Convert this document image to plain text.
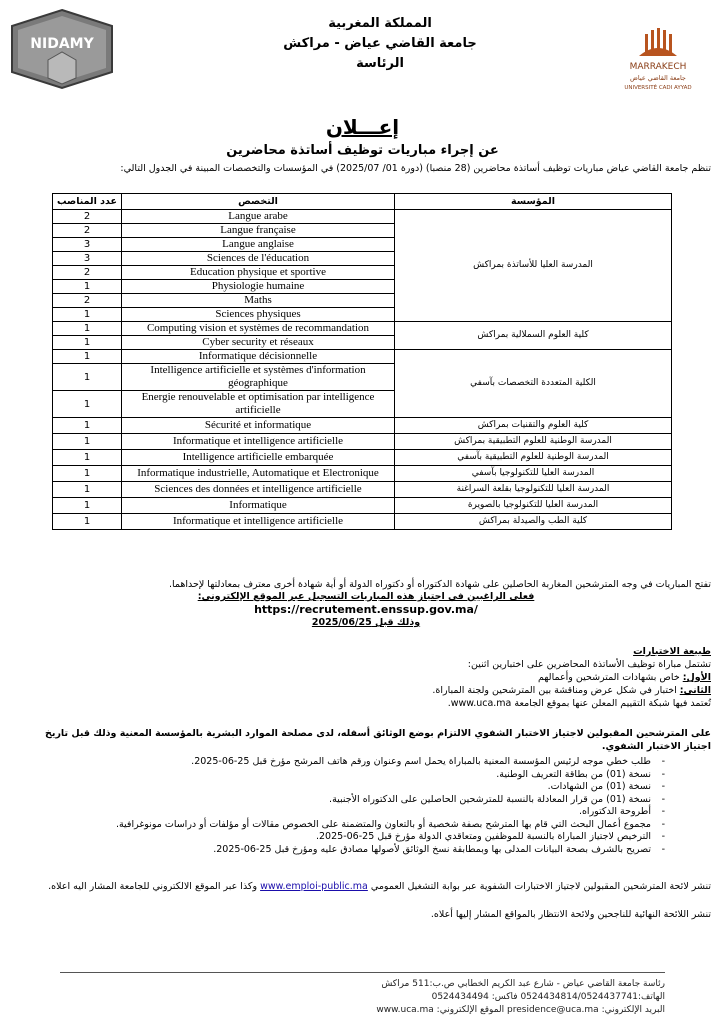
NIDAMY
المملكة المغربية
جامعة القاضي عياض - مراكش
الرئاسة	MARRAKECH
جامعة القاضي عياض
UNIVERSITÉ CADI AYYAD
إعـــلان
عن إجراء مباريات توظيف أساتذة محاضرين
تنظم جامعة القاضي عياض مباريات توظيف أساتذة محاضرين (28 منصبا) (دورة 01/ 2025/07) في المؤسسات والتخصصات المبينة في الجدول التالي:
عدد المناصب	التخصص	المؤسسة
2	Langue arabe	المدرسة العليا للأساتذة بمراكش
2	Langue française	
3	Langue anglaise	
3	Sciences de l'éducation	
2	Education physique et sportive	
1	Physiologie humaine	
2	Maths	
1	Sciences physiques	
1	Computing vision et systèmes de recommandation	كلية العلوم السملالية بمراكش
1	Cyber security et réseaux	
1	Informatique décisionnelle	الكلية المتعددة التخصصات بآسفي
1	Intelligence artificielle et systèmes d'information géographique	
1	Energie renouvelable et optimisation par intelligence artificielle	
1	Sécurité et informatique	كلية العلوم والتقنيات بمراكش
1	Informatique et intelligence artificielle	المدرسة الوطنية للعلوم التطبيقية بمراكش
1	Intelligence artificielle embarquée	المدرسة الوطنية للعلوم التطبيقية بآسفي
1	Informatique industrielle, Automatique et Electronique	المدرسة العليا للتكنولوجيا بآسفي
1	Sciences des données et intelligence artificielle	المدرسة العليا للتكنولوجيا بقلعة السراغنة
1	Informatique	المدرسة العليا للتكنولوجيا بالصويرة
1	Informatique et intelligence artificielle	كلية الطب والصيدلة بمراكش
تفتح المباريات في وجه المترشحين المغاربة الحاصلين على شهادة الدكتوراه أو دكتوراه الدولة أو أية شهادة أخرى معترف بمعادلتها لإحداهما.
فعلى الراغبين في اجتياز هذه المباريات التسجيل عبر الموقع الإلكتروني:
https://recrutement.enssup.gov.ma/
وذلك قبل 2025/06/25
طبيعة الاختبارات
تشتمل مباراة توظيف الأساتذة المحاضرين على اختبارين اثنين:
الأول: خاص بشهادات المترشحين وأعمالهم
الثاني: اختبار في شكل عرض ومناقشة بين المترشحين ولجنة المباراة.
تُعتمد فيها شبكة التقييم المعلن عنها بموقع الجامعة www.uca.ma.
على المترشحين المقبولين لاجتياز الاختبار الشفوي الالتزام بوضع الوثائق أسفله، لدى مصلحة الموارد البشرية بالمؤسسة المعنية وذلك قبل تاريخ اجتياز الاختبار الشفوي.
-
طلب خطي موجه لرئيس المؤسسة المعنية بالمباراة يحمل اسم وعنوان ورقم هاتف المرشح مؤرخ قبل 25-06-2025.
-
نسخة (01) من بطاقة التعريف الوطنية.
-
نسخة (01) من الشهادات.
-
نسخة (01) من قرار المعادلة بالنسبة للمترشحين الحاصلين على الدكتوراه الأجنبية.
-
أطروحة الدكتوراه.
-
مجموع أعمال البحث التي قام بها المترشح بصفة شخصية أو بالتعاون والمتضمنة على الخصوص مقالات أو مؤلفات أو دراسات مونوغرافية.
-
الترخيص لاجتياز المباراة بالنسبة للموظفين ومتعاقدي الدولة مؤرخ قبل 25-06-2025.
-
تصريح بالشرف بصحة البيانات المدلى بها وبمطابقة نسخ الوثائق لأصولها مصادق عليه ومؤرخ قبل 25-06-2025.
تنشر لائحة المترشحين المقبولين لاجتياز الاختبارات الشفوية عبر بوابة التشغيل العمومي www.emploi-public.ma وكذا عبر الموقع الالكتروني للجامعة المشار اليه اعلاه.
تنشر اللائحة النهائية للناجحين ولائحة الانتظار بالمواقع المشار إليها أعلاه.
رئاسة جامعة القاضي عياض - شارع عبد الكريم الخطابي ص.ب:511 مراكش
الهاتف:0524434814/0524437741 فاكس: 0524434494
البريد الإلكتروني: presidence@uca.ma الموقع الإلكتروني: www.uca.ma
